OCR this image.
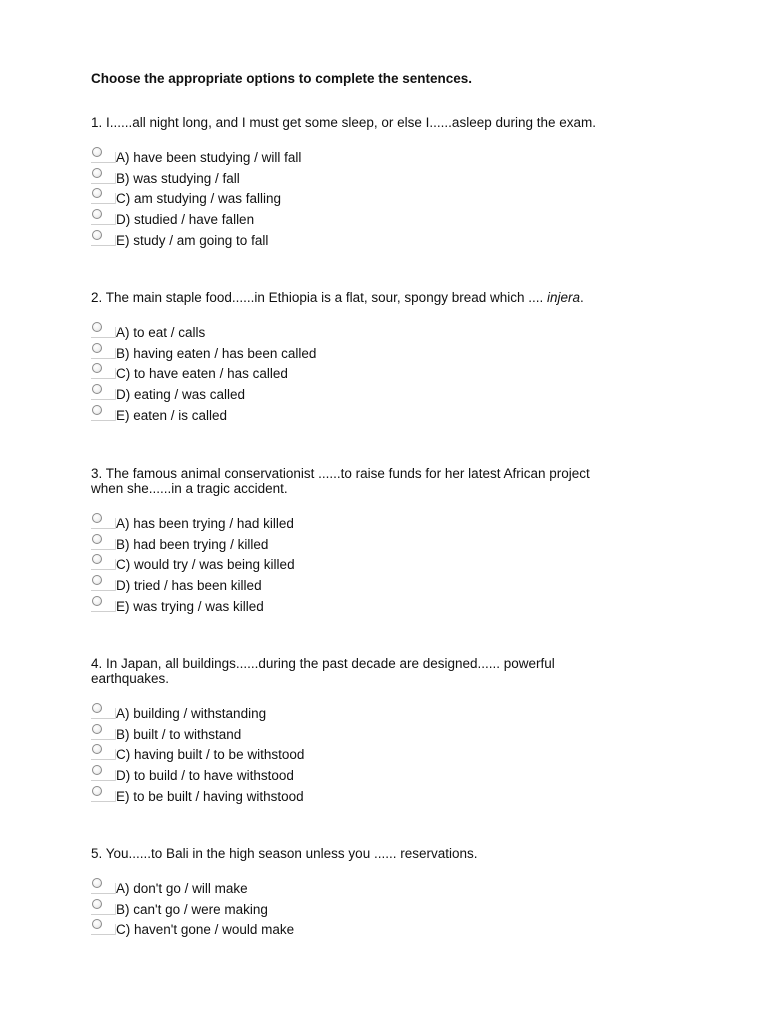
Choose the appropriate options to complete the sentences.

1. I......all night long, and I must get some sleep, or else I......asleep during the exam.

A) have been studying / will fall
B) was studying / fall
C) am studying / was falling
D) studied / have fallen
E) study / am going to fall

2. The main staple food......in Ethiopia is a flat, sour, spongy bread which .... injera.

A) to eat / calls
B) having eaten / has been called
C) to have eaten / has called
D) eating / was called
E) eaten / is called

3. The famous animal conservationist ......to raise funds for her latest African project
when she......in a tragic accident.

A) has been trying / had killed
B) had been trying / killed
C) would try / was being killed
D) tried / has been killed
E) was trying / was killed

4. In Japan, all buildings......during the past decade are designed...... powerful
earthquakes.

A) building / withstanding
B) built / to withstand
C) having built / to be withstood
D) to build / to have withstood
E) to be built / having withstood

5. You......to Bali in the high season unless you ...... reservations.

A) don't go / will make
B) can't go / were making
C) haven't gone / would make
